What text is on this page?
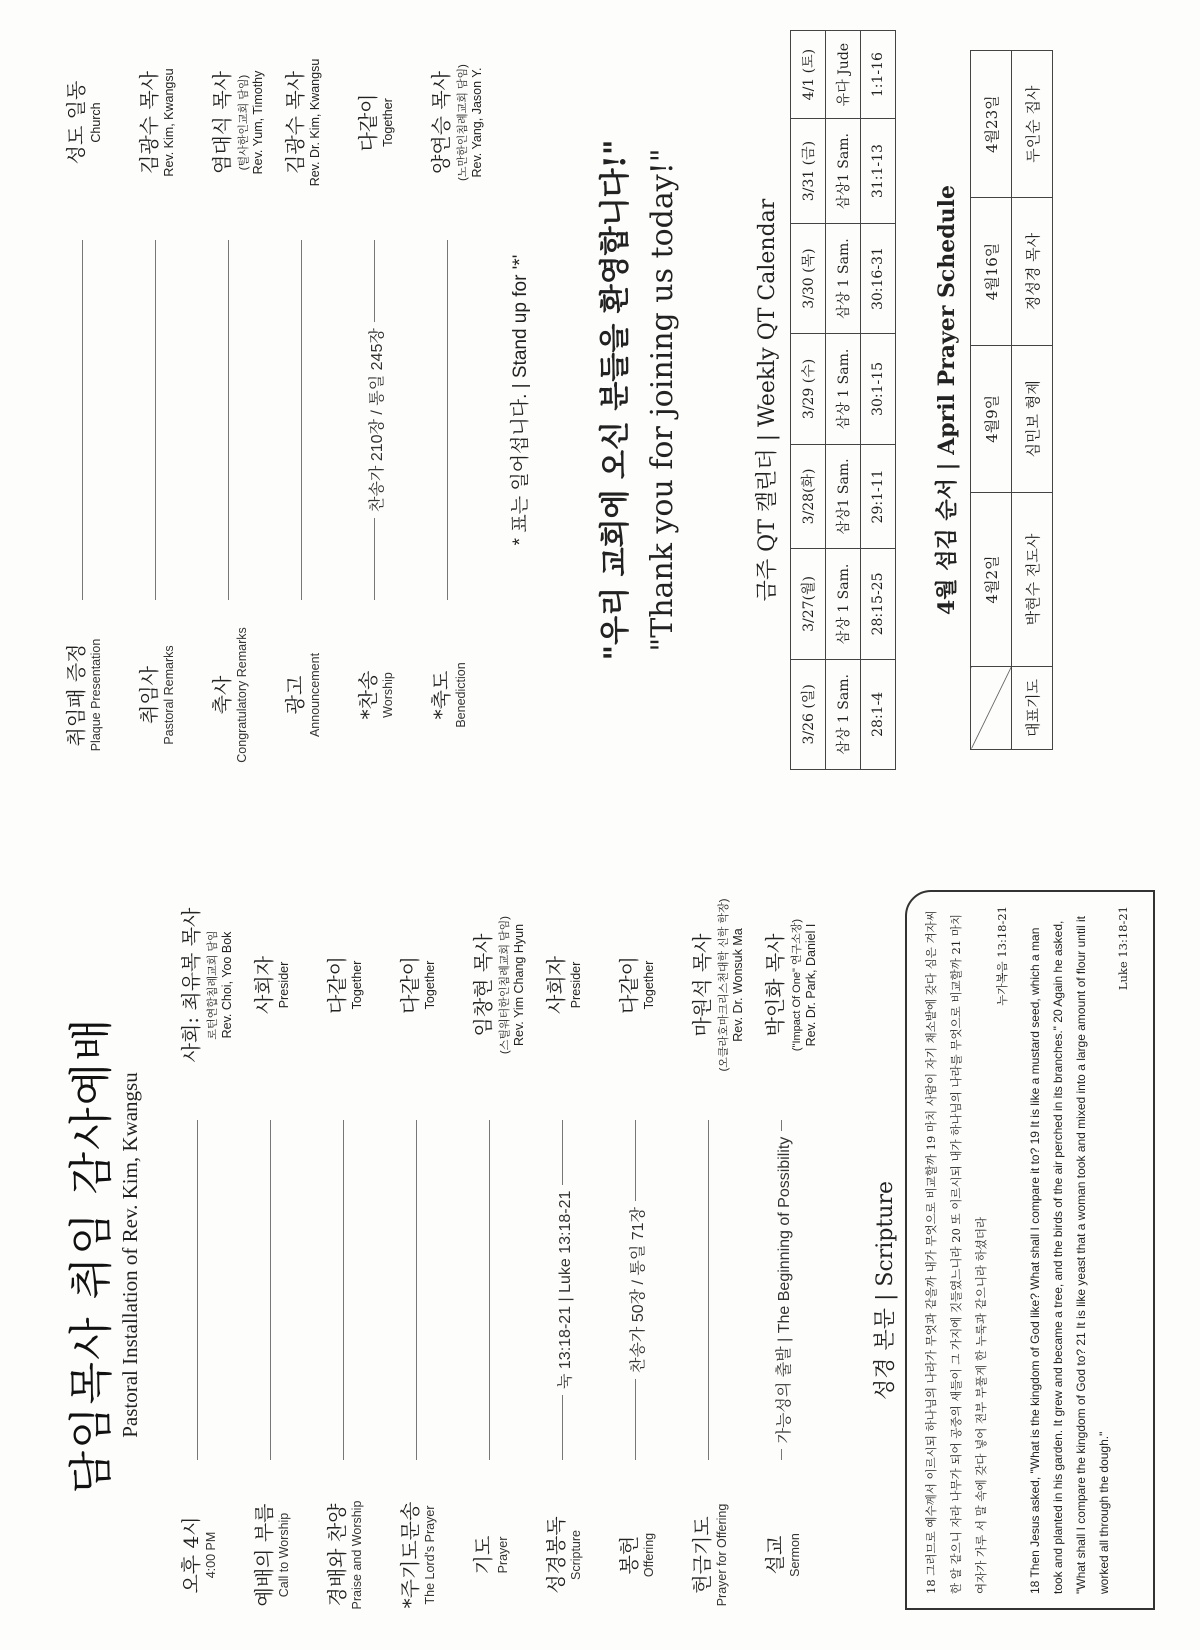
담임목사 취임 감사예배 Pastoral Installation of Rev. Kim, Kwangsu
오후 4시 4:00 PM
사회: 최유복 목사 로턴연합침례교회 담임 Rev. Choi, Yoo Bok
예배의 부름 Call to Worship
사회자 Presider
경배와 찬양 Praise and Worship
다같이 Together
*주기도문송 The Lord's Prayer
다같이 Together
기도 Prayer
임창현 목사 (스틸워터한인침례교회 담임) Rev. Yim Chang Hyun
성경봉독 Scripture
눅 13:18-21 | Luke 13:18-21
사회자 Presider
봉헌 Offering
찬송가 50장 / 통일 71장
다같이 Together
헌금기도 Prayer for Offering
마원석 목사 (오클라호마크리스천대학 신학 학장) Rev. Dr. Wonsuk Ma
설교 Sermon
가능성의 출발 | The Beginning of Possibility
박인화 목사 ("Impact Of One" 연구소장) Rev. Dr. Park, Daniel I
성경 본문 | Scripture	18 그러므로 예수께서 이르시되 하나님의 나라가 무엇과 같을까 내가 무엇으로 비교할까 19 마치 사람이 자기 채소밭에 갖다 심은 겨자씨 한 알 같으니 자라 나무가 되어 공중의 새들이 그 가지에 깃들였느니라 20 또 이르시되 내가 하나님의 나라를 무엇으로 비교할까 21 마치 여자가 가루 서 말 속에 갖다 넣어 전부 부풀게 한 누룩과 같으니라 하셨더라
누가복음 13:18-21	18 Then Jesus asked, "What is the kingdom of God like? What shall I compare it to? 19 It is like a mustard seed, which a man took and planted in his garden. It grew and became a tree, and the birds of the air perched in its branches." 20 Again he asked, "What shall I compare the kingdom of God to? 21 It is like yeast that a woman took and mixed into a large amount of flour until it worked all through the dough."
Luke 13:18-21
취임패 증정 Plaque Presentation
성도 일동 Church
취임사 Pastoral Remarks
김광수 목사 Rev. Kim, Kwangsu
축사 Congratulatory Remarks
염대식 목사 (털사한인교회 담임) Rev. Yum, Timothy
광고 Announcement
김광수 목사 Rev. Dr. Kim, Kwangsu
*찬송 Worship
찬송가 210장 / 통일 245장
다같이 Together
*축도 Benediction
양연승 목사 (노만한인침례교회 담임) Rev. Yang, Jason Y.
* 표는 일어섭니다. | Stand up for '*' "우리 교회에 오신 분들을 환영합니다!" "Thank you for joining us today!"	금주 QT 캘린더 | Weekly QT Calendar
3/26 (일)	3/27(월)	3/28(화)	3/29 (수)	3/30 (목)	3/31 (금)	4/1 (토)
삼상 1 Sam.	삼상 1 Sam.	삼상1 Sam.	삼상 1 Sam.	삼상 1 Sam.	삼상1 Sam.	유다 Jude
28:1-4	28:15-25	29:1-11	30:1-15	30:16-31	31:1-13	1:1-16
4월 섬김 순서 | April Prayer Schedule
	4월2일	4월9일	4월16일	4월23일
대표기도	박현수 전도사	심민보 형제	정성경 목사	두인순 집사
